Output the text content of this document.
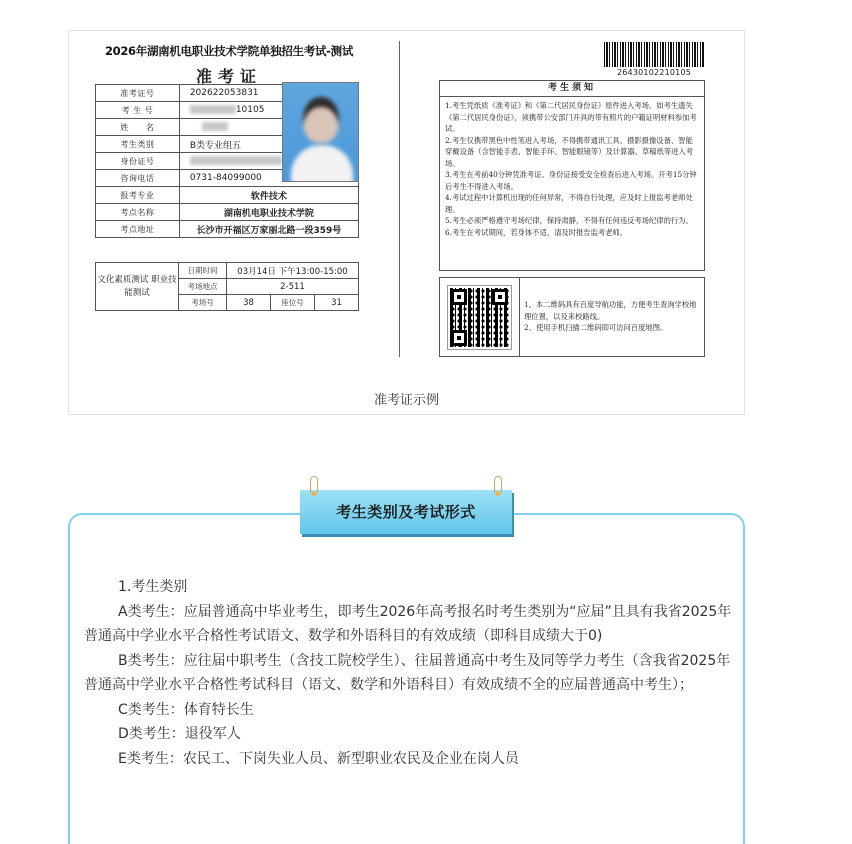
2026年湖南机电职业技术学院单独招生考试-测试
准考证
准考证号	202622053831
考 生 号	10105
姓　　名	
考生类别	B类专业组五
身份证号	
咨询电话	0731-84099000
报考专业	软件技术
考点名称	湖南机电职业技术学院
考点地址	长沙市开福区万家丽北路一段359号
文化素质测试 职业技能测试	日期时间	03月14日 下午13:00-15:00		
	考场地点	2-511		
	考场号	38	座位号	31
26430102210105
考生须知
1.考生凭纸质《准考证》和《第二代居民身份证》原件进入考场。如考生遗失《第二代居民身份证》，须携带公安部门开具的带有照片的户籍证明材料参加考试。
2.考生仅携带黑色中性笔进入考场，不得携带通讯工具、摄影摄像设备、智能穿戴设备（含智能手表、智能手环、智能眼镜等）及计算器、草稿纸等进入考场。
3.考生在考前40分钟凭准考证、身份证接受安全检查后进入考场。开考15分钟后考生不得进入考场。
4.考试过程中计算机出现的任何异常，不得自行处理，应及时上报监考老师处理。
5.考生必须严格遵守考场纪律，保持肃静，不得有任何违反考场纪律的行为。
6.考生在考试期间，若身体不适，请及时报告监考老师。

1、本二维码具有百度导航功能，方便考生查询学校地理位置，以及来校路线。

2、使用手机扫描二维码即可访问百度地图。

准考证示例
考生类别及考试形式

1.考生类别

A类考生：应届普通高中毕业考生，即考生2026年高考报名时考生类别为“应届”且具有我省2025年普通高中学业水平合格性考试语文、数学和外语科目的有效成绩（即科目成绩大于0)

B类考生：应往届中职考生（含技工院校学生）、往届普通高中考生及同等学力考生（含我省2025年普通高中学业水平合格性考试科目（语文、数学和外语科目）有效成绩不全的应届普通高中考生）；

C类考生：体育特长生

D类考生：退役军人

E类考生：农民工、下岗失业人员、新型职业农民及企业在岗人员
